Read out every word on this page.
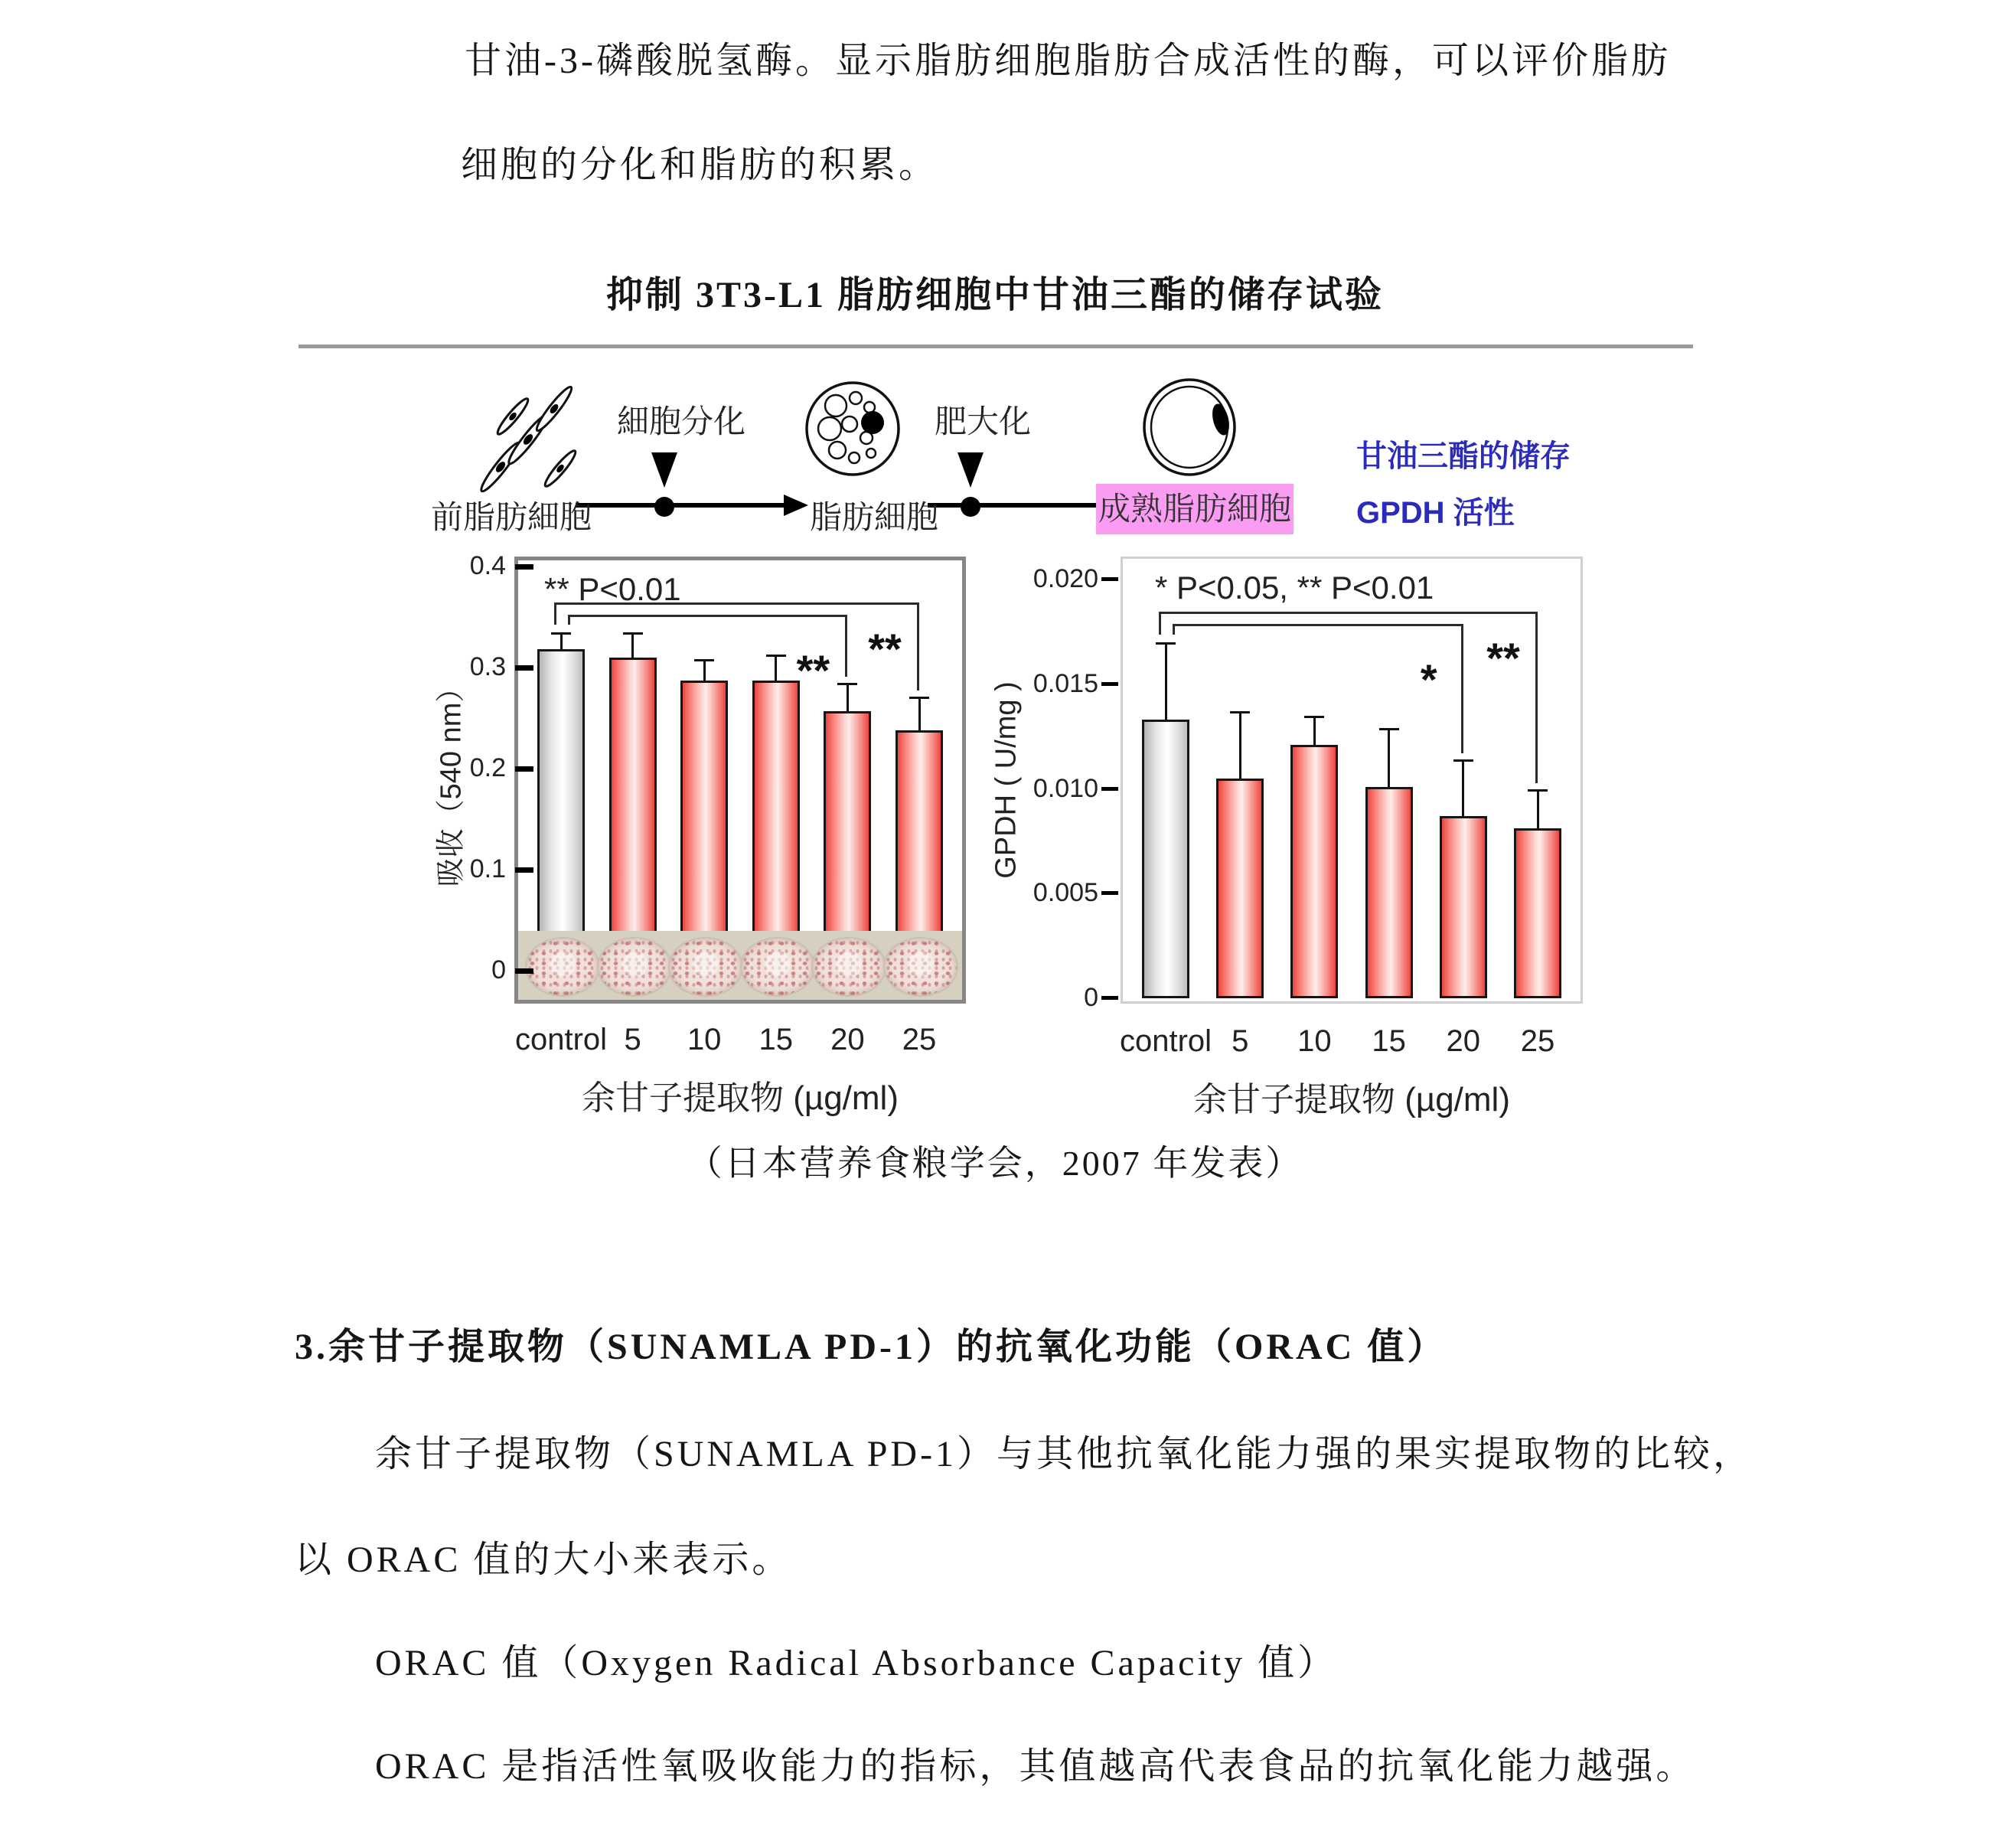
甘油-3-磷酸脱氢酶。显示脂肪细胞脂肪合成活性的酶，可以评价脂肪
细胞的分化和脂肪的积累。
抑制 3T3-L1 脂肪细胞中甘油三酯的储存试验
細胞分化
前脂肪細胞
肥大化
脂肪細胞	成熟脂肪細胞
甘油三酯的储存
GPDH 活性
control 5	10	15	20	25
0.4
0.3
0.2
0.1
0
** **
** P<0.01
吸收（540 nm）
余甘子提取物 (µg/ml)
control 5	10	15	20	25
0.020
0.015
0.010
0.005
0
*	**
* P<0.05, ** P<0.01
GPDH ( U/mg )
余甘子提取物 (µg/ml)
（日本营养食粮学会，2007 年发表）
3.余甘子提取物（SUNAMLA PD-1）的抗氧化功能（ORAC 值）
余甘子提取物（SUNAMLA PD-1）与其他抗氧化能力强的果实提取物的比较，
以 ORAC 值的大小来表示。
ORAC 值（Oxygen Radical Absorbance Capacity 值）
ORAC 是指活性氧吸收能力的指标，其值越高代表食品的抗氧化能力越强。
